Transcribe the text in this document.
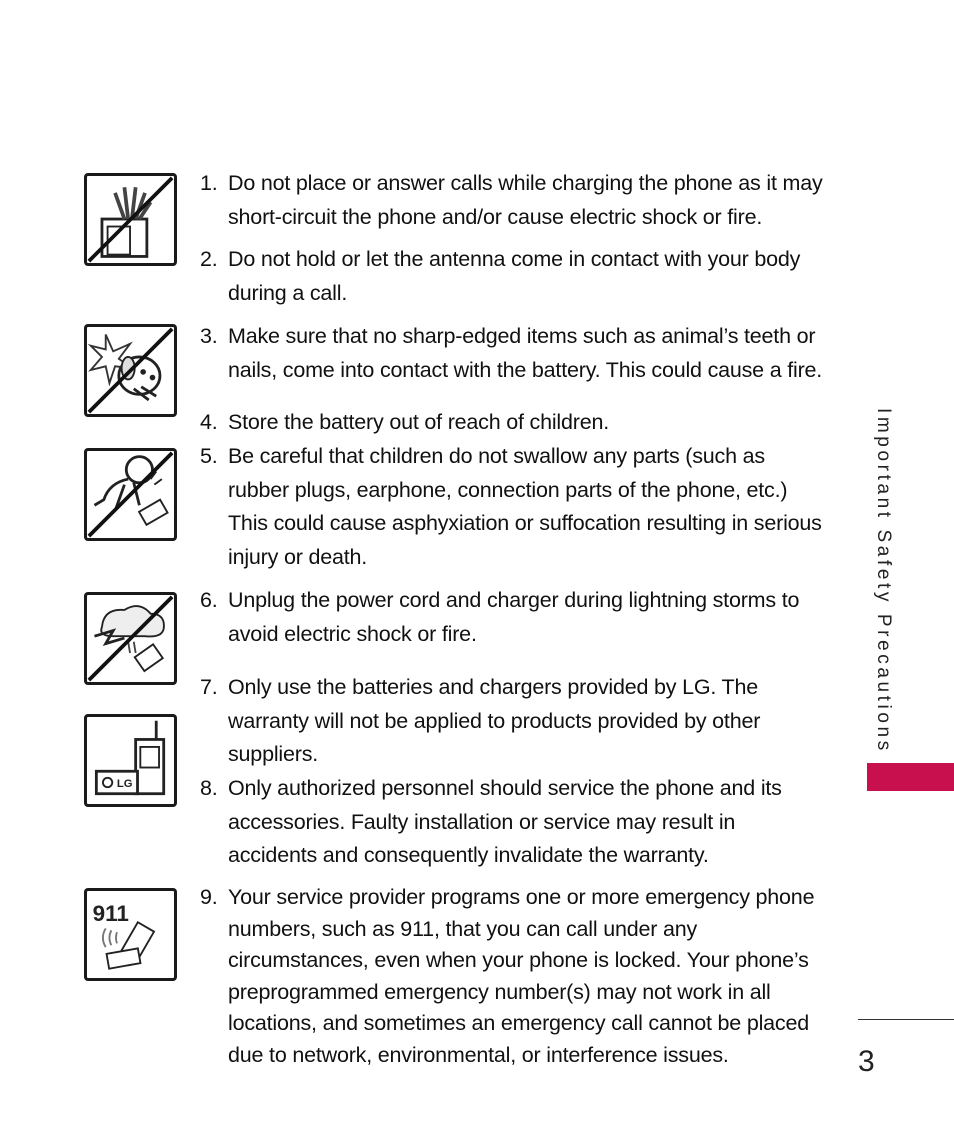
LG
911
1. Do not place or answer calls while charging the phone as it may short-circuit the phone and/or cause electric shock or fire.
2. Do not hold or let the antenna come in contact with your body during a call.
3. Make sure that no sharp-edged items such as animal’s teeth or nails, come into contact with the battery. This could cause a fire.
4. Store the battery out of reach of children.
5. Be careful that children do not swallow any parts (such as rubber plugs, earphone, connection parts of the phone, etc.) This could cause asphyxiation or suffocation resulting in serious injury or death.
6. Unplug the power cord and charger during lightning storms to avoid electric shock or fire.
7. Only use the batteries and chargers provided by LG. The warranty will not be applied to products provided by other suppliers.
8. Only authorized personnel should service the phone and its accessories. Faulty installation or service may result in accidents and consequently invalidate the warranty.
9. Your service provider programs one or more emergency phone numbers, such as 911, that you can call under any circumstances, even when your phone is locked. Your phone’s preprogrammed emergency number(s) may not work in all locations, and sometimes an emergency call cannot be placed due to network, environmental, or interference issues.
Important Safety Precautions
3
